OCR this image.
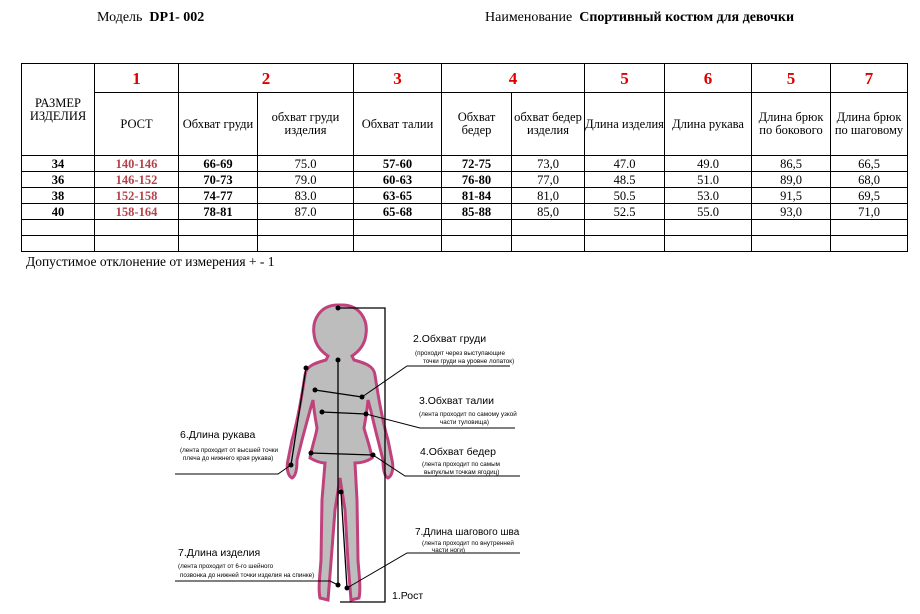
Модель DP1- 002	Наименование Спортивный костюм для девочки
РАЗМЕР ИЗДЕЛИЯ	1	2		3	4		5	6	5	7
	РОСТ	Обхват груди	обхват груди изделия	Обхват талии	Обхват бедер	обхват бедер изделия	Длина изделия	Длина рукава	Длина брюк по бокового	Длина брюк по шаговому
34	140-146	66-69	75.0	57-60	72-75	73,0	47.0	49.0	86,5	66,5
36	146-152	70-73	79.0	60-63	76-80	77,0	48.5	51.0	89,0	68,0
38	152-158	74-77	83.0	63-65	81-84	81,0	50.5	53.0	91,5	69,5
40	158-164	78-81	87.0	65-68	85-88	85,0	52.5	55.0	93,0	71,0

Допустимое отклонение от измерения + - 1
2.Обхват груди
(проходит через выступающие
точки груди на уровне лопаток)
3.Обхват талии
(лента проходит по самому узкой
части туловища)
4.Обхват бедер
(лента проходит по самым
выпуклым точкам ягодиц)
6.Длина рукава
(лента проходит от высшей точки
плеча до нижнего края рукава)
7.Длина шагового шва
(лента проходит по внутренней
части ноги)
7.Длина изделия
(лента проходит от 6-го шейного
позвонка до нижней точки изделия на спинке)
1.Рост
